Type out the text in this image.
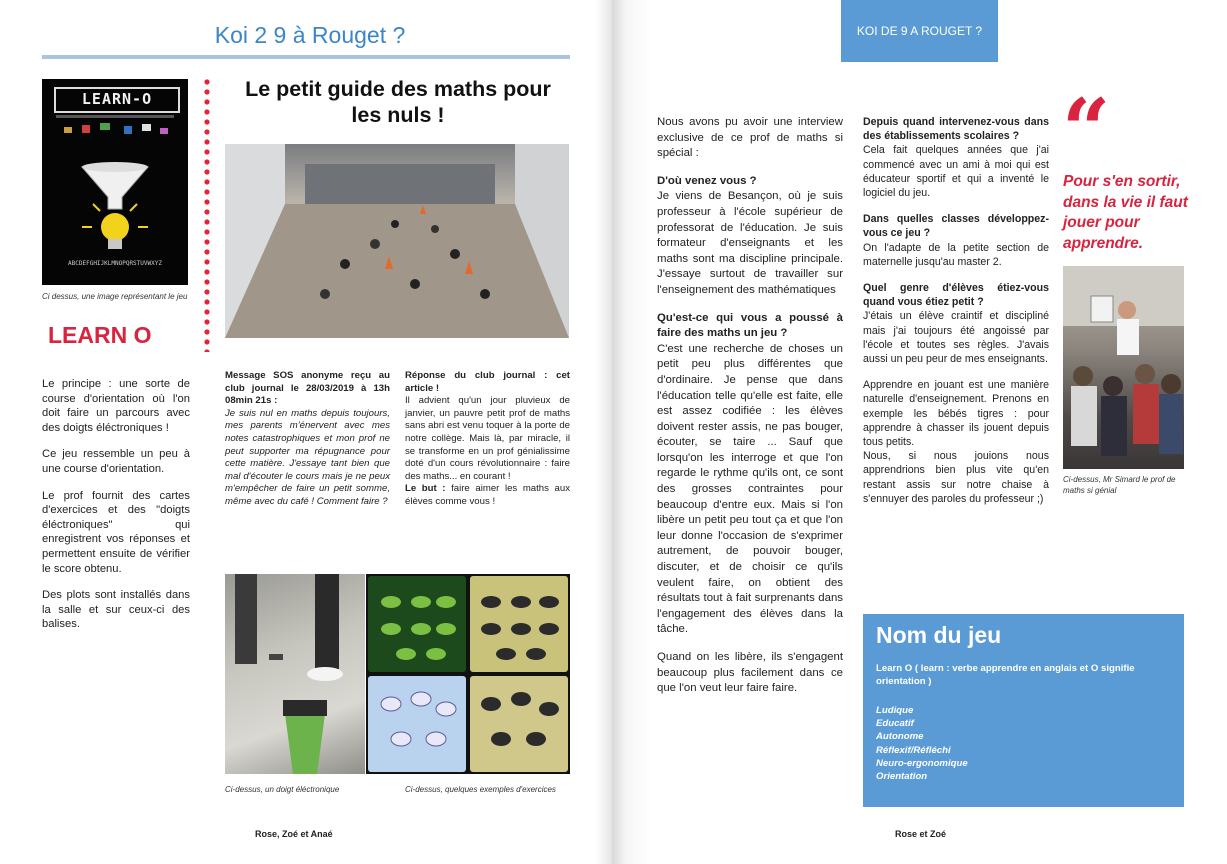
Koi 2 9 à Rouget ?
LEARN-O
ABCDEFGHIJKLMNOPQRSTUVWXYZ
Ci dessus, une image représentant le jeu
LEARN O

Le principe : une sorte de course d'orientation où l'on doit faire un parcours avec des doigts éléctroniques !

Ce jeu ressemble un peu à une course d'orientation.

Le prof fournit des cartes d'exercices et des "doigts éléctroniques" qui enregistrent vos réponses et permettent ensuite de vérifier le score obtenu.

Des plots sont installés dans la salle et sur ceux-ci des balises.

Le petit guide des maths pour les nuls !
Message SOS anonyme reçu au club journal le 28/03/2019 à 13h 08min 21s :
Je suis nul en maths depuis toujours, mes parents m'énervent avec mes notes catastrophiques et mon prof ne peut supporter ma répugnance pour cette matière. J'essaye tant bien que mal d'écouter le cours mais je ne peux m'empêcher de faire un petit somme, même avec du café ! Comment faire ?
Réponse du club journal : cet article !
Il advient qu'un jour pluvieux de janvier, un pauvre petit prof de maths sans abri est venu toquer à la porte de notre collège. Mais là, par miracle, il se transforme en un prof génialissime doté d'un cours révolutionnaire : faire des maths... en courant !
Le but : faire aimer les maths aux élèves comme vous !
Ci-dessus, un doigt éléctronique	Ci-dessus, quelques exemples d'exercices
Rose, Zoé et Anaé
KOI DE 9 A ROUGET ?

Nous avons pu avoir une interview exclusive de ce prof de maths si spécial :

D'où venez vous ?

Je viens de Besançon, où je suis professeur à l'école supérieur de professorat de l'éducation. Je suis formateur d'enseignants et les maths sont ma discipline principale. J'essaye surtout de travailler sur l'enseignement des mathématiques

Qu'est-ce qui vous a poussé à faire des maths un jeu ?

C'est une recherche de choses un petit peu plus différentes que d'ordinaire. Je pense que dans l'éducation telle qu'elle est faite, elle est assez codifiée : les élèves doivent rester assis, ne pas bouger, écouter, se taire ... Sauf que lorsqu'on les interroge et que l'on regarde le rythme qu'ils ont, ce sont des grosses contraintes pour beaucoup d'entre eux. Mais si l'on libère un petit peu tout ça et que l'on leur donne l'occasion de s'exprimer autrement, de pouvoir bouger, discuter, et de choisir ce qu'ils veulent faire, on obtient des résultats tout à fait surprenants dans l'engagement des élèves dans la tâche.

Quand on les libère, ils s'engagent beaucoup plus facilement dans ce que l'on veut leur faire faire.

Depuis quand intervenez-vous dans des établissements scolaires ?

Cela fait quelques années que j'ai commencé avec un ami à moi qui est éducateur sportif et qui a inventé le logiciel du jeu.

Dans quelles classes développez-vous ce jeu ?

On l'adapte de la petite section de maternelle jusqu'au master 2.

Quel genre d'élèves étiez-vous quand vous étiez petit ?

J'étais un élève craintif et discipliné mais j'ai toujours été angoissé par l'école et toutes ses règles. J'avais aussi un peu peur de mes enseignants.

Apprendre en jouant est une manière naturelle d'enseignement. Prenons en exemple les bébés tigres : pour apprendre à chasser ils jouent depuis tous petits.

Nous, si nous jouions nous apprendrions bien plus vite qu'en restant assis sur notre chaise à s'ennuyer des paroles du professeur ;)

“
Pour s'en sortir, dans la vie il faut jouer pour apprendre.
Ci-dessus, Mr Simard le prof de maths si génial
Nom du jeu
Learn O ( learn : verbe apprendre en anglais et O signifie orientation )
Ludique
Educatif
Autonome
Réflexif/Réfléchi
Neuro-ergonomique
Orientation
Rose et Zoé
